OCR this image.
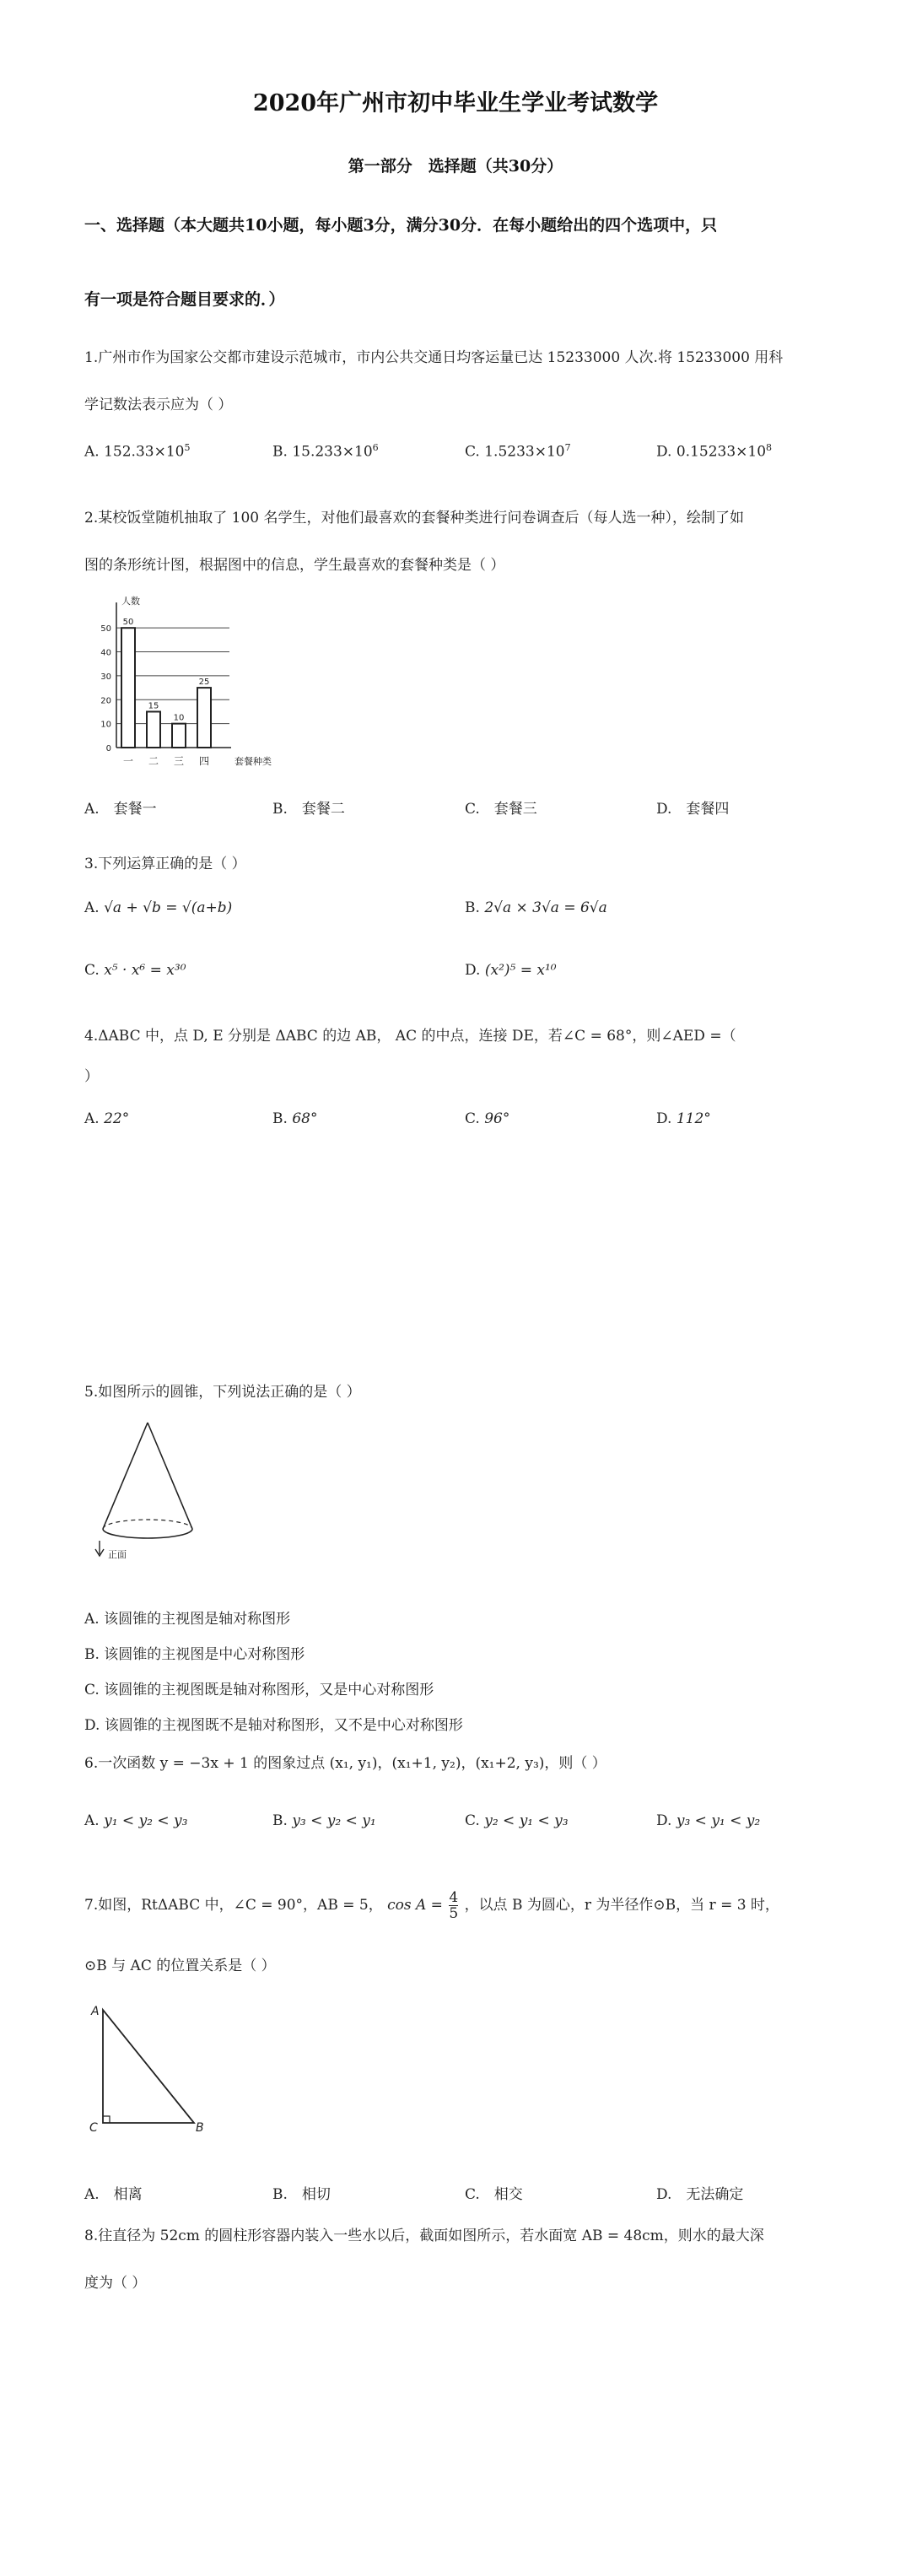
2020年广州市初中毕业生学业考试数学
第一部分　选择题（共30分）
一、选择题（本大题共10小题，每小题3分，满分30分．在每小题给出的四个选项中，只
有一项是符合题目要求的．）
1.广州市作为国家公交都市建设示范城市，市内公共交通日均客运量已达 15233000 人次.将 15233000 用科
学记数法表示应为（ ）
A. $152.33\times 10^5$	B. $15.233\times 10^6$	C. $1.5233\times 10^7$	D. $0.15233\times 10^8$
2.某校饭堂随机抽取了 100 名学生，对他们最喜欢的套餐种类进行问卷调查后（每人选一种），绘制了如
图的条形统计图，根据图中的信息，学生最喜欢的套餐种类是（ ）
50
40
30
20
10
0
人数
套餐种类
50
一
15
二
10
三
25
四
A.　套餐一	B.　套餐二	C.　套餐三	D.　套餐四
3.下列运算正确的是（ ）
A. √a + √b = √(a+b)	B. 2√a × 3√a = 6√a
C. x⁵ · x⁶ = x³⁰	D. (x²)⁵ = x¹⁰
4.ΔABC 中，点 D, E 分别是 ΔABC 的边 AB， AC 的中点，连接 DE，若∠C = 68°，则∠AED =（
）
A. 22°	B. 68°	C. 96°	D. 112°
5.如图所示的圆锥，下列说法正确的是（ ）
正面
A. 该圆锥的主视图是轴对称图形
B. 该圆锥的主视图是中心对称图形
C. 该圆锥的主视图既是轴对称图形，又是中心对称图形
D. 该圆锥的主视图既不是轴对称图形，又不是中心对称图形
6.一次函数 y = −3x + 1 的图象过点 (x₁, y₁)，(x₁+1, y₂)，(x₁+2, y₃)，则（ ）
A. y₁ < y₂ < y₃	B. y₃ < y₂ < y₁	C. y₂ < y₁ < y₃	D. y₃ < y₁ < y₂
7.如图，RtΔABC 中，∠C = 90°，AB = 5， $\cos A = \frac{4}{5}$ ，以点 B 为圆心，r 为半径作⊙B，当 r = 3 时，
⊙B 与 AC 的位置关系是（ ）
A
C	B
A.　相离	B.　相切	C.　相交	D.　无法确定
8.往直径为 52cm 的圆柱形容器内装入一些水以后，截面如图所示，若水面宽 AB = 48cm，则水的最大深
度为（ ）
